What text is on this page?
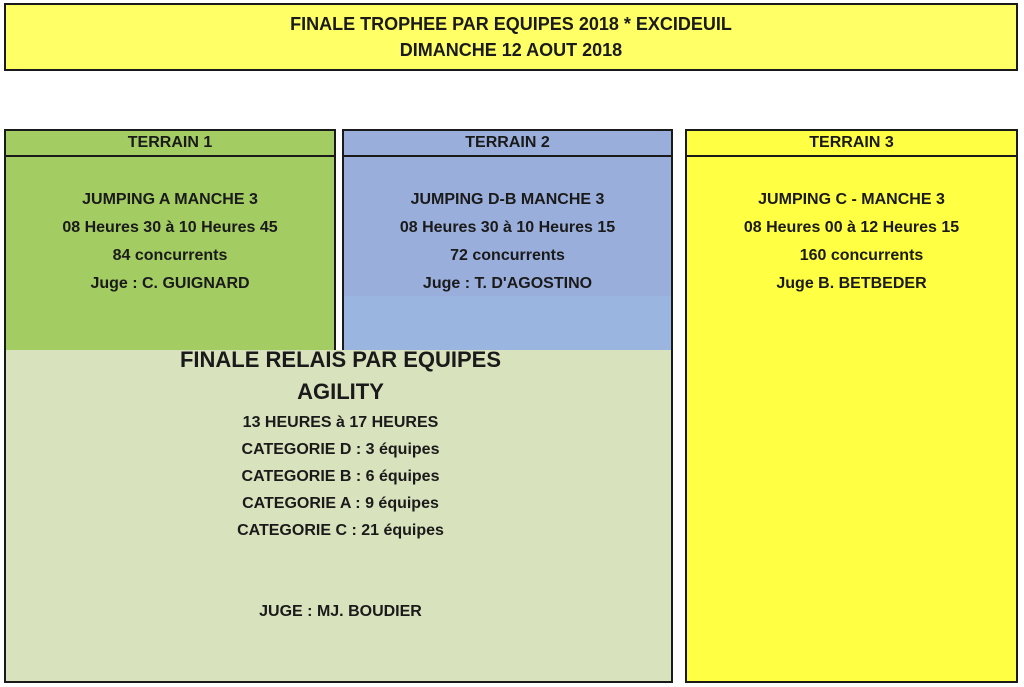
FINALE TROPHEE PAR EQUIPES 2018 * EXCIDEUIL
DIMANCHE 12 AOUT 2018
TERRAIN 1
JUMPING A MANCHE 3
08 Heures 30 à 10 Heures 45
84 concurrents
Juge : C. GUIGNARD
TERRAIN 2
JUMPING D-B MANCHE 3
08 Heures 30 à 10 Heures 15
72 concurrents
Juge : T. D'AGOSTINO
TERRAIN 3
JUMPING C - MANCHE 3
08 Heures 00 à 12 Heures 15
160 concurrents
Juge B. BETBEDER
FINALE RELAIS PAR EQUIPES
AGILITY
13 HEURES à 17 HEURES
CATEGORIE D : 3 équipes
CATEGORIE B : 6 équipes
CATEGORIE A : 9 équipes
CATEGORIE C : 21 équipes
JUGE : MJ. BOUDIER
